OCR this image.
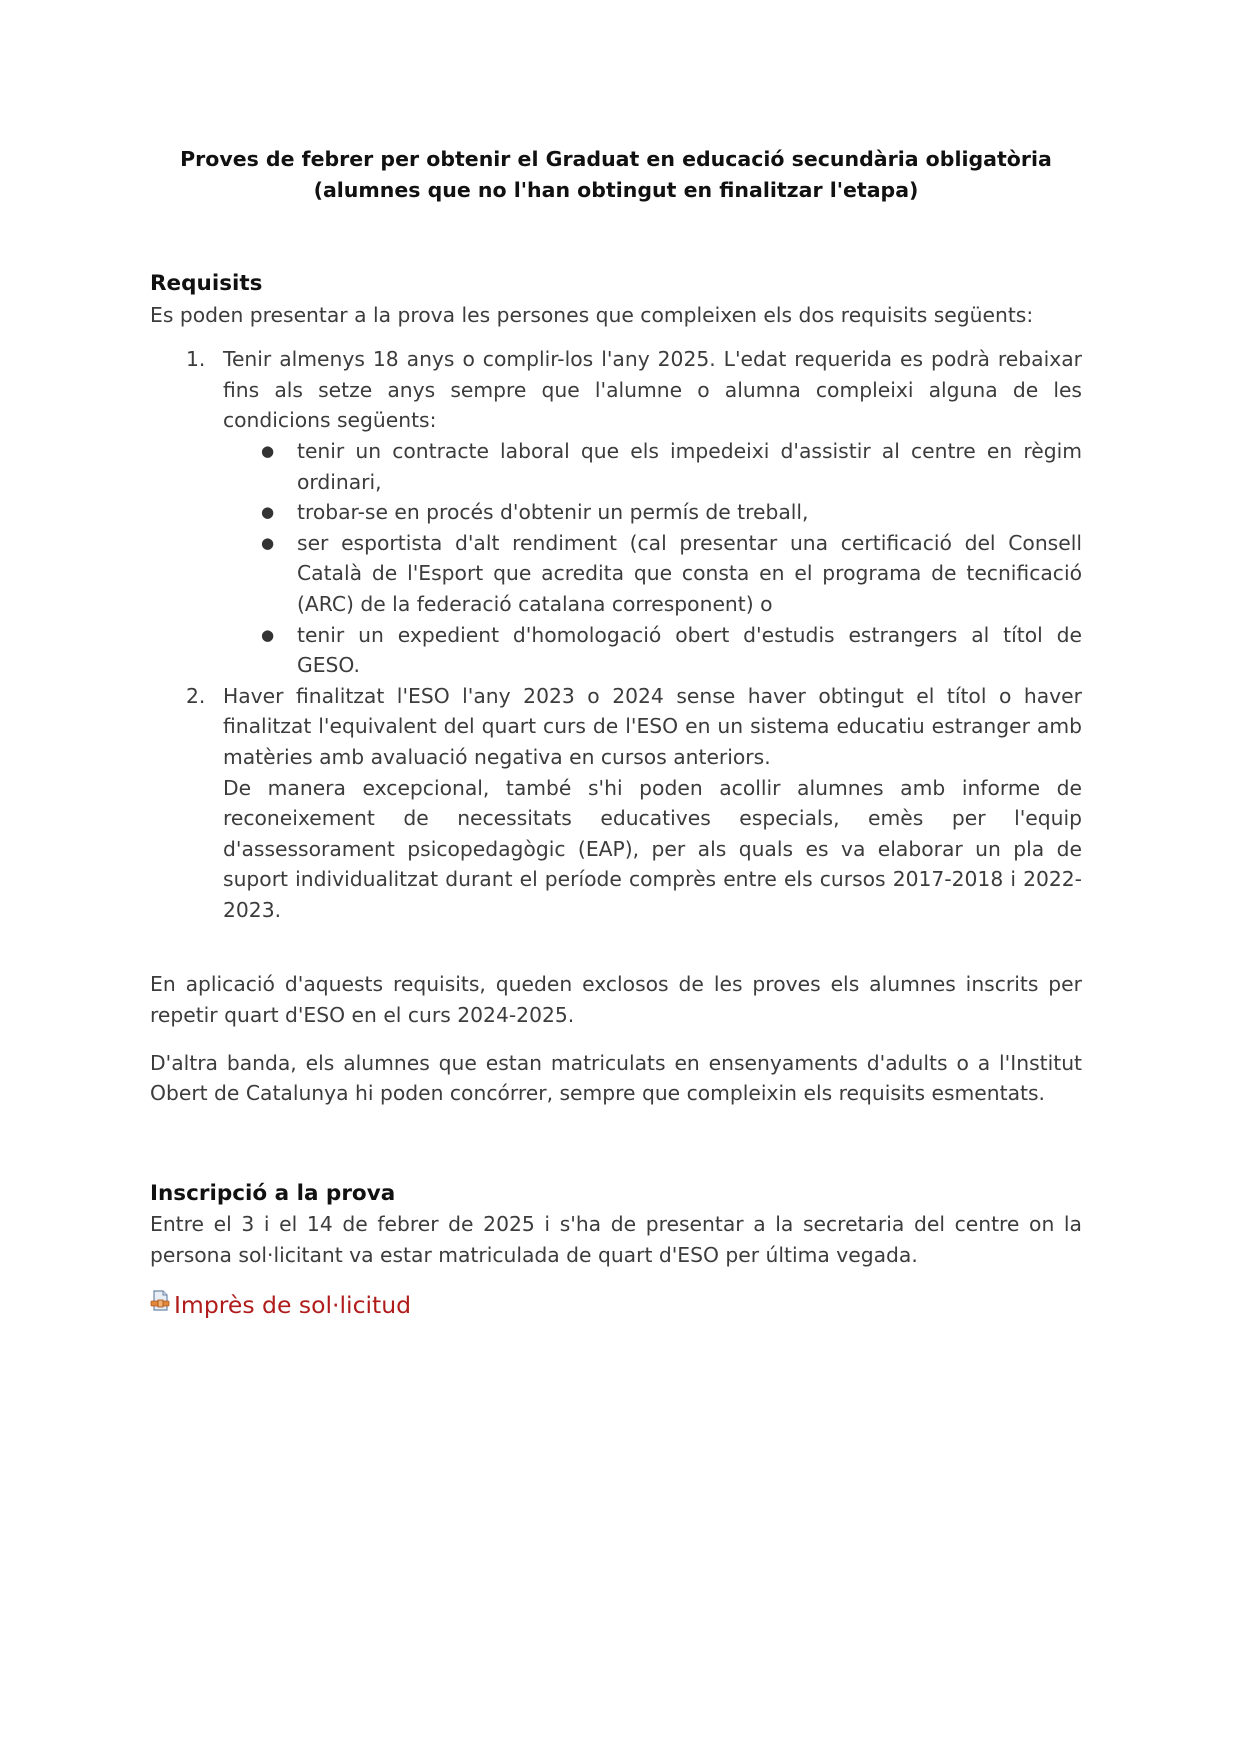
Proves de febrer per obtenir el Graduat en educació secundària obligatòria
(alumnes que no l'han obtingut en finalitzar l'etapa)
Requisits

Es poden presentar a la prova les persones que compleixen els dos requisits següents:

1. Tenir almenys 18 anys o complir-los l'any 2025. L'edat requerida es podrà rebaixar fins als setze anys sempre que l'alumne o alumna compleixi alguna de les condicions següents:
● tenir un contracte laboral que els impedeixi d'assistir al centre en règim ordinari,
● trobar-se en procés d'obtenir un permís de treball,
● ser esportista d'alt rendiment (cal presentar una certificació del Consell Català de l'Esport que acredita que consta en el programa de tecnificació (ARC) de la federació catalana corresponent) o
● tenir un expedient d'homologació obert d'estudis estrangers al títol de GESO.
2. Haver finalitzat l'ESO l'any 2023 o 2024 sense haver obtingut el títol o haver finalitzat l'equivalent del quart curs de l'ESO en un sistema educatiu estranger amb matèries amb avaluació negativa en cursos anteriors.
De manera excepcional, també s'hi poden acollir alumnes amb informe de reconeixement de necessitats educatives especials, emès per l'equip d'assessorament psicopedagògic (EAP), per als quals es va elaborar un pla de suport individualitzat durant el període comprès entre els cursos 2017-2018 i 2022-2023.

En aplicació d'aquests requisits, queden exclosos de les proves els alumnes inscrits per repetir quart d'ESO en el curs 2024-2025.

D'altra banda, els alumnes que estan matriculats en ensenyaments d'adults o a l'Institut Obert de Catalunya hi poden concórrer, sempre que compleixin els requisits esmentats.

Inscripció a la prova

Entre el 3 i el 14 de febrer de 2025 i s'ha de presentar a la secretaria del centre on la persona sol·licitant va estar matriculada de quart d'ESO per última vegada.

Imprès de sol·licitud
